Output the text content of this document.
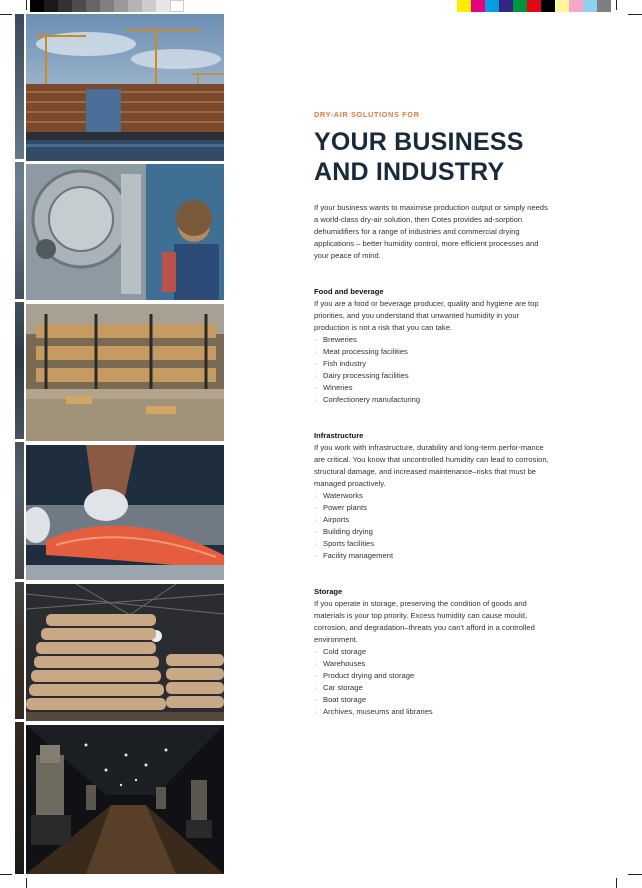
DRY-AIR SOLUTIONS FOR
YOUR BUSINESS
AND INDUSTRY
If your business wants to maximise production output or simply needs a world-class dry-air solution, then Cotes provides ad-sorption dehumidifiers for a range of industries and commercial drying applications – better humidity control, more efficient processes and your peace of mind.
Food and beverage

If you are a food or beverage producer, quality and hygiene are top priorities, and you understand that unwanted humidity in your production is not a risk that you can take.

· Breweries
· Meat processing facilities
· Fish industry
· Dairy processing facilities
· Wineries
· Confectionery manufacturing
Infrastructure

If you work with infrastructure, durability and long-term perfor-mance are critical. You know that uncontrolled humidity can lead to corrosion, structural damage, and increased maintenance–risks that must be managed proactively.

· Waterworks
· Power plants
· Airports
· Building drying
· Sports facilities
· Facility management
Storage

If you operate in storage, preserving the condition of goods and materials is your top priority. Excess humidity can cause mould, corrosion, and degradation–threats you can't afford in a controlled environment.

· Cold storage
· Warehouses
· Product drying and storage
· Car storage
· Boat storage
· Archives, museums and libraries
